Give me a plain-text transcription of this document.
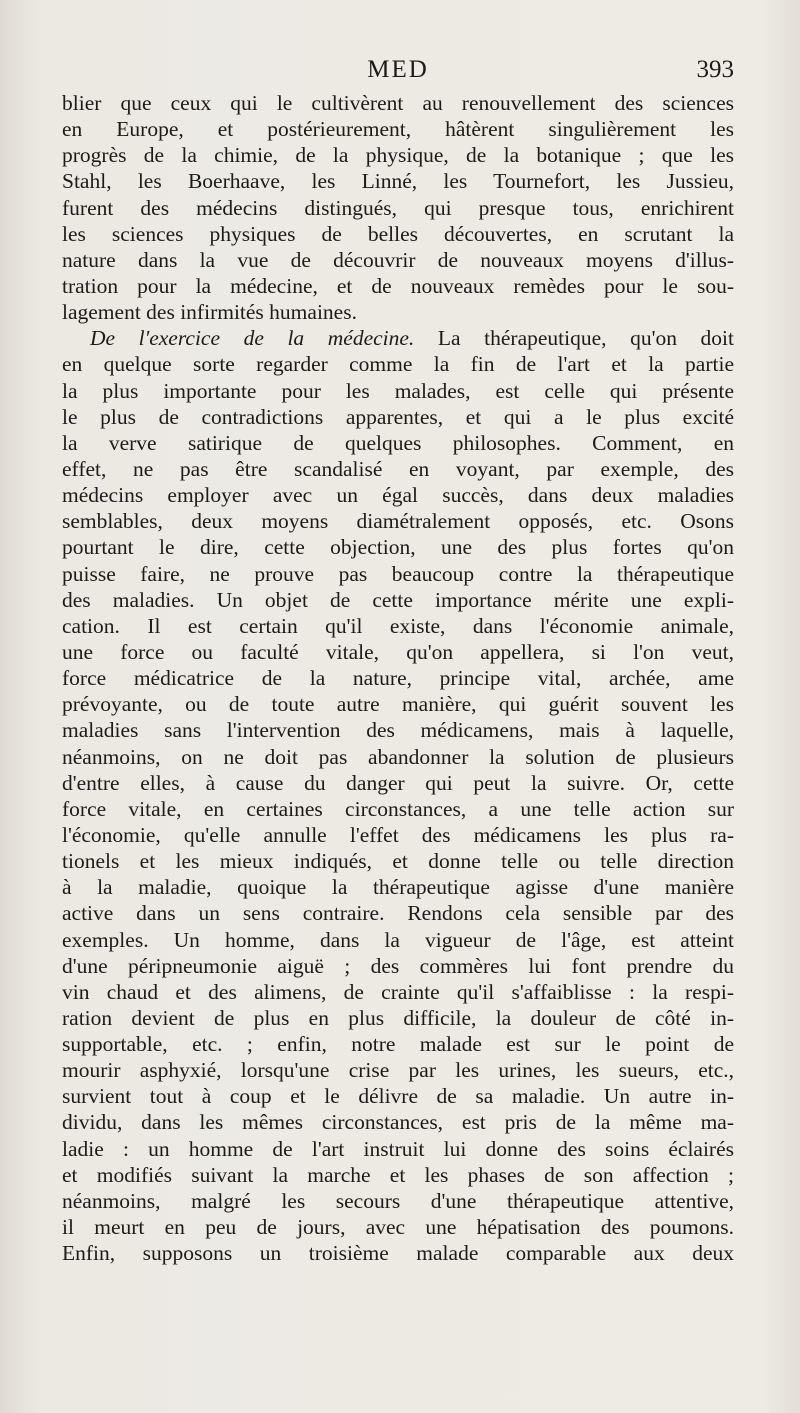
MED	393
blier que ceux qui le cultivèrent au renouvellement des sciences
en Europe, et postérieurement, hâtèrent singulièrement les
progrès de la chimie, de la physique, de la botanique ; que les
Stahl, les Boerhaave, les Linné, les Tournefort, les Jussieu,
furent des médecins distingués, qui presque tous, enrichirent
les sciences physiques de belles découvertes, en scrutant la
nature dans la vue de découvrir de nouveaux moyens d'illus-
tration pour la médecine, et de nouveaux remèdes pour le sou-
lagement des infirmités humaines.
De l'exercice de la médecine. La thérapeutique, qu'on doit
en quelque sorte regarder comme la fin de l'art et la partie
la plus importante pour les malades, est celle qui présente
le plus de contradictions apparentes, et qui a le plus excité
la verve satirique de quelques philosophes. Comment, en
effet, ne pas être scandalisé en voyant, par exemple, des
médecins employer avec un égal succès, dans deux maladies
semblables, deux moyens diamétralement opposés, etc. Osons
pourtant le dire, cette objection, une des plus fortes qu'on
puisse faire, ne prouve pas beaucoup contre la thérapeutique
des maladies. Un objet de cette importance mérite une expli-
cation. Il est certain qu'il existe, dans l'économie animale,
une force ou faculté vitale, qu'on appellera, si l'on veut,
force médicatrice de la nature, principe vital, archée, ame
prévoyante, ou de toute autre manière, qui guérit souvent les
maladies sans l'intervention des médicamens, mais à laquelle,
néanmoins, on ne doit pas abandonner la solution de plusieurs
d'entre elles, à cause du danger qui peut la suivre. Or, cette
force vitale, en certaines circonstances, a une telle action sur
l'économie, qu'elle annulle l'effet des médicamens les plus ra-
tionels et les mieux indiqués, et donne telle ou telle direction
à la maladie, quoique la thérapeutique agisse d'une manière
active dans un sens contraire. Rendons cela sensible par des
exemples. Un homme, dans la vigueur de l'âge, est atteint
d'une péripneumonie aiguë ; des commères lui font prendre du
vin chaud et des alimens, de crainte qu'il s'affaiblisse : la respi-
ration devient de plus en plus difficile, la douleur de côté in-
supportable, etc. ; enfin, notre malade est sur le point de
mourir asphyxié, lorsqu'une crise par les urines, les sueurs, etc.,
survient tout à coup et le délivre de sa maladie. Un autre in-
dividu, dans les mêmes circonstances, est pris de la même ma-
ladie : un homme de l'art instruit lui donne des soins éclairés
et modifiés suivant la marche et les phases de son affection ;
néanmoins, malgré les secours d'une thérapeutique attentive,
il meurt en peu de jours, avec une hépatisation des poumons.
Enfin, supposons un troisième malade comparable aux deux
